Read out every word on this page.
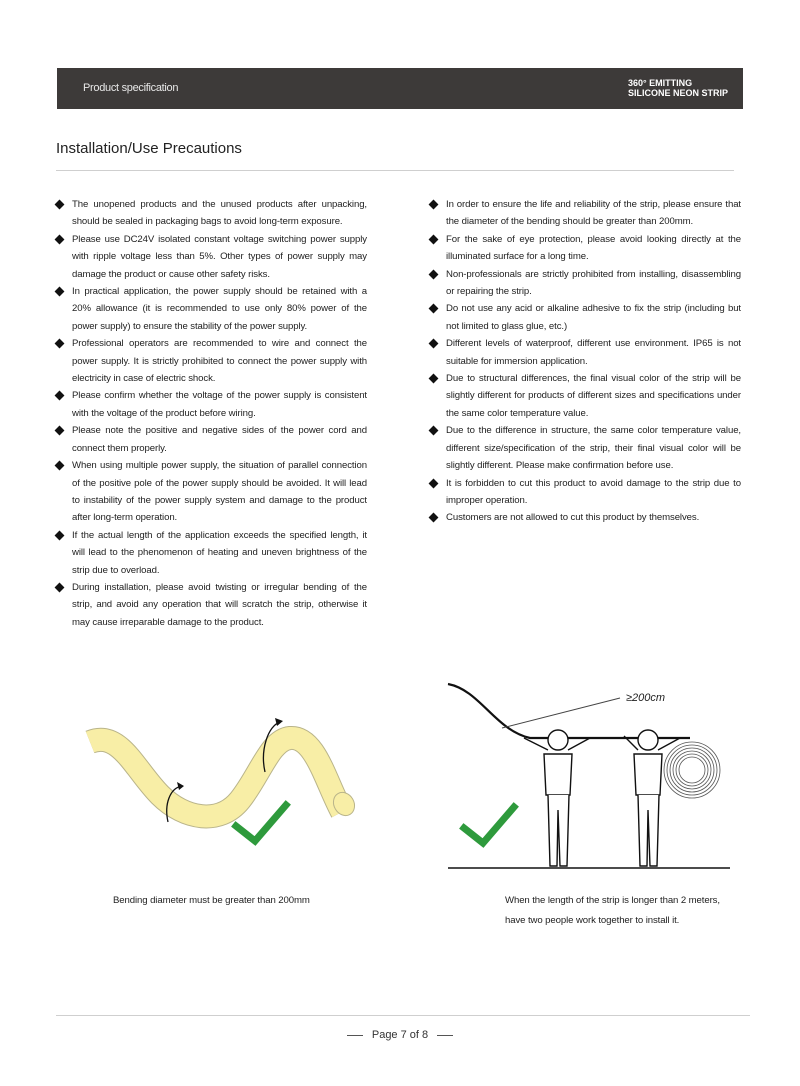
Product specification	360° EMITTING
SILICONE NEON STRIP
Installation/Use Precautions
The unopened products and the unused products after unpacking, should be sealed in packaging bags to avoid long-term exposure.
Please use DC24V isolated constant voltage switching power supply with ripple voltage less than 5%. Other types of power supply may damage the product or cause other safety risks.
In practical application, the power supply should be retained with a 20% allowance (it is recommended to use only 80% power of the power supply) to ensure the stability of the power supply.
Professional operators are recommended to wire and connect the power supply. It is strictly prohibited to connect the power supply with electricity in case of electric shock.
Please confirm whether the voltage of the power supply is consistent with the voltage of the product before wiring.
Please note the positive and negative sides of the power cord and connect them properly.
When using multiple power supply, the situation of parallel connection of the positive pole of the power supply should be avoided. It will lead to instability of the power supply system and damage to the product after long-term operation.
If the actual length of the application exceeds the specified length, it will lead to the phenomenon of heating and uneven brightness of the strip due to overload.
During installation, please avoid twisting or irregular bending of the strip, and avoid any operation that will scratch the strip, otherwise it may cause irreparable damage to the product.
In order to ensure the life and reliability of the strip, please ensure that the diameter of the bending should be greater than 200mm.
For the sake of eye protection, please avoid looking directly at the illuminated surface for a long time.
Non-professionals are strictly prohibited from installing, disassembling or repairing the strip.
Do not use any acid or alkaline adhesive to fix the strip (including but not limited to glass glue, etc.)
Different levels of waterproof, different use environment. IP65 is not suitable for immersion application.
Due to structural differences, the final visual color of the strip will be slightly different for products of different sizes and specifications under the same color temperature value.
Due to the difference in structure, the same color temperature value, different size/specification of the strip, their final visual color will be slightly different. Please make confirmation before use.
It is forbidden to cut this product to avoid damage to the strip due to improper operation.
Customers are not allowed to cut this product by themselves.
≥200cm
Bending diameter must be greater than 200mm	When the length of the strip is longer than 2 meters,
have two people work together to install it.
Page 7 of 8
